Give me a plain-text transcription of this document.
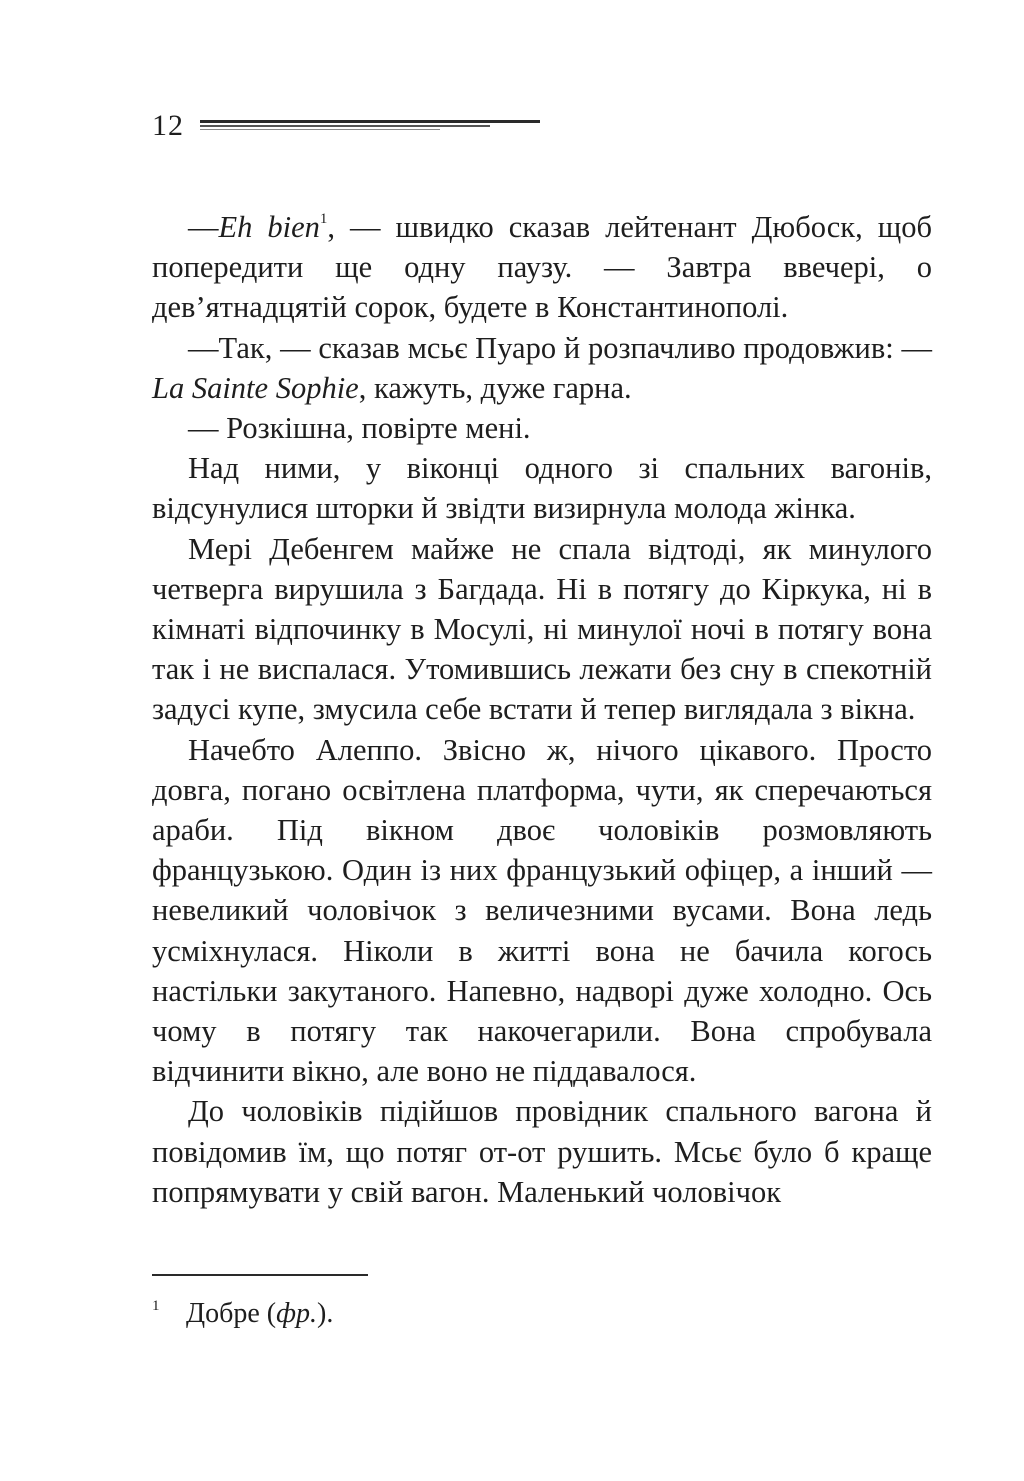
12

—Eh bien$^1$, — швидко сказав лейтенант Дюбоск, щоб попередити ще одну паузу. — Завтра ввечері, о дев’ятнадцятій сорок, будете в Константинополі.

—Так, — сказав мсьє Пуаро й розпачливо продовжив: — La Sainte Sophie, кажуть, дуже гарна.

— Розкішна, повірте мені.

Над ними, у віконці одного зі спальних вагонів, відсунулися шторки й звідти визирнула молода жінка.

Мері Дебенгем майже не спала відтоді, як минулого четверга вирушила з Багдада. Ні в потягу до Кіркука, ні в кімнаті відпочинку в Мосулі, ні минулої ночі в потягу вона так і не виспалася. Утомившись лежати без сну в спекотній задусі купе, змусила себе встати й тепер виглядала з вікна.

Начебто Алеппо. Звісно ж, нічого цікавого. Просто довга, погано освітлена платформа, чути, як сперечаються араби. Під вікном двоє чоловіків розмовляють французькою. Один із них французький офіцер, а інший — невеликий чоловічок з величезними вусами. Вона ледь усміхнулася. Ніколи в житті вона не бачила когось настільки закутаного. Напевно, надворі дуже холодно. Ось чому в потягу так накочегарили. Вона спробувала відчинити вікно, але воно не піддавалося.

До чоловіків підійшов провідник спального вагона й повідомив їм, що потяг от-от рушить. Мсьє було б краще попрямувати у свій вагон. Маленький чоловічок

1 Добре (фр.).
